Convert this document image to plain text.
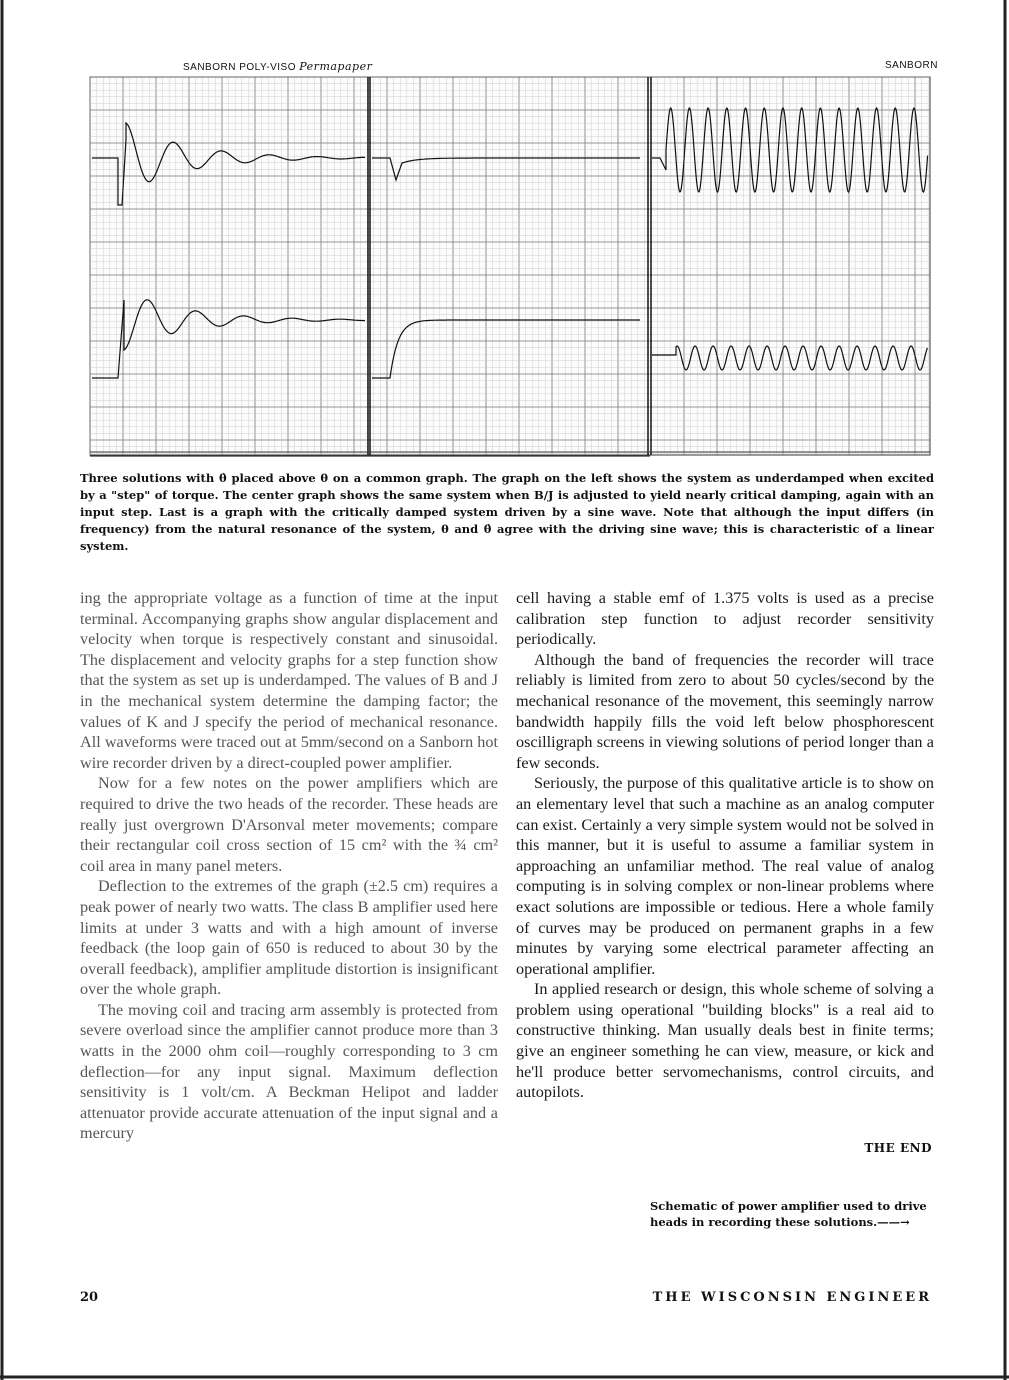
SANBORN POLY-VISO Permapaper	SANBORN
Three solutions with θ̇ placed above θ on a common graph. The graph on the left shows the system as underdamped when excited by a "step" of torque. The center graph shows the same system when B/J is adjusted to yield nearly critical damping, again with an input step. Last is a graph with the critically damped system driven by a sine wave. Note that although the input differs (in frequency) from the natural resonance of the system, θ and θ̇ agree with the driving sine wave; this is characteristic of a linear system.

ing the appropriate voltage as a function of time at the input terminal. Accompanying graphs show angular displacement and velocity when torque is respectively constant and sinusoidal. The displacement and velocity graphs for a step function show that the system as set up is underdamped. The values of B and J in the mechanical system determine the damping factor; the values of K and J specify the period of mechanical resonance. All waveforms were traced out at 5mm/second on a Sanborn hot wire recorder driven by a direct-coupled power amplifier.

Now for a few notes on the power amplifiers which are required to drive the two heads of the recorder. These heads are really just overgrown D'Arsonval meter movements; compare their rectangular coil cross section of 15 cm² with the ¾ cm² coil area in many panel meters.

Deflection to the extremes of the graph (±2.5 cm) requires a peak power of nearly two watts. The class B amplifier used here limits at under 3 watts and with a high amount of inverse feedback (the loop gain of 650 is reduced to about 30 by the overall feedback), amplifier amplitude distortion is insignificant over the whole graph.

The moving coil and tracing arm assembly is protected from severe overload since the amplifier cannot produce more than 3 watts in the 2000 ohm coil—roughly corresponding to 3 cm deflection—for any input signal. Maximum deflection sensitivity is 1 volt/cm. A Beckman Helipot and ladder attenuator provide accurate attenuation of the input signal and a mercury

cell having a stable emf of 1.375 volts is used as a precise calibration step function to adjust recorder sensitivity periodically.

Although the band of frequencies the recorder will trace reliably is limited from zero to about 50 cycles/second by the mechanical resonance of the movement, this seemingly narrow bandwidth happily fills the void left below phosphorescent oscilligraph screens in viewing solutions of period longer than a few seconds.

Seriously, the purpose of this qualitative article is to show on an elementary level that such a machine as an analog computer can exist. Certainly a very simple system would not be solved in this manner, but it is useful to assume a familiar system in approaching an unfamiliar method. The real value of analog computing is in solving complex or non-linear problems where exact solutions are impossible or tedious. Here a whole family of curves may be produced on permanent graphs in a few minutes by varying some electrical parameter affecting an operational amplifier.

In applied research or design, this whole scheme of solving a problem using operational "building blocks" is a real aid to constructive thinking. Man usually deals best in finite terms; give an engineer something he can view, measure, or kick and he'll produce better servomechanisms, control circuits, and autopilots.

THE END
Schematic of power amplifier used to drive heads in recording these solutions.——→
20	THE WISCONSIN ENGINEER
